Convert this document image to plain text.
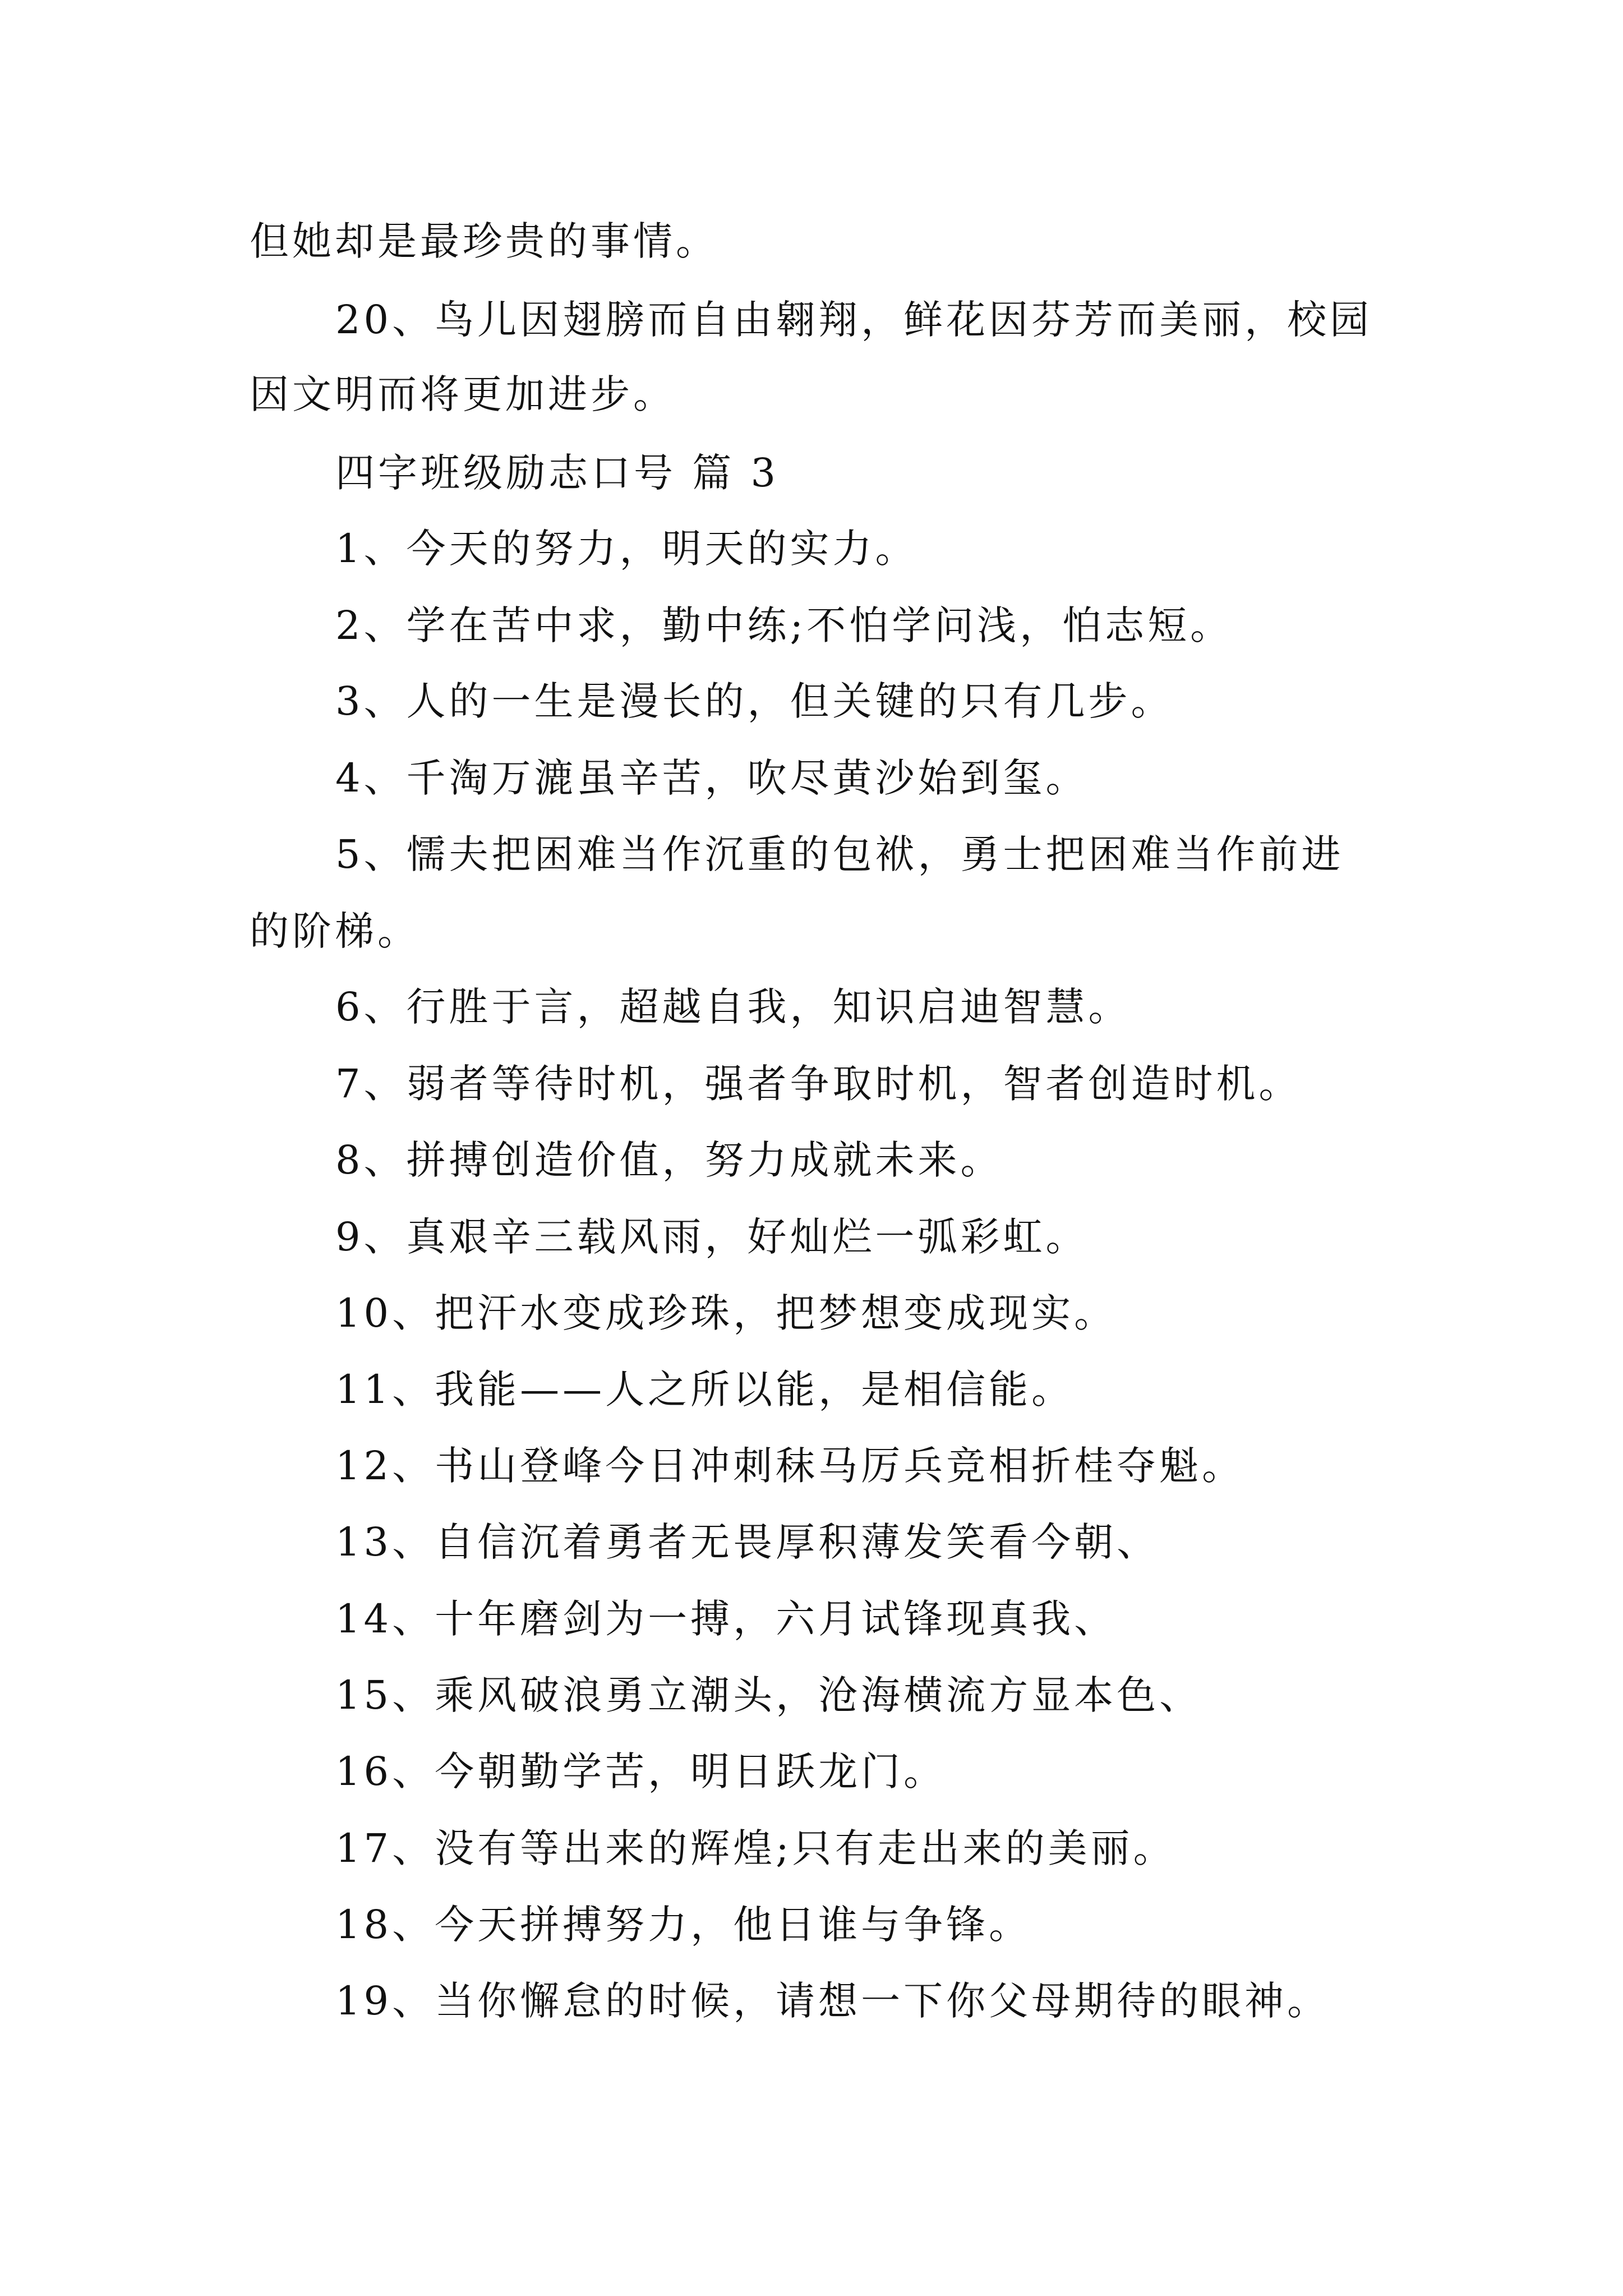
但她却是最珍贵的事情。
20、鸟儿因翅膀而自由翱翔，鲜花因芬芳而美丽，校园
因文明而将更加进步。
四字班级励志口号 篇 3
1、今天的努力，明天的实力。
2、学在苦中求，勤中练;不怕学问浅，怕志短。
3、人的一生是漫长的，但关键的只有几步。
4、千淘万漉虽辛苦，吹尽黄沙始到玺。
5、懦夫把困难当作沉重的包袱，勇士把困难当作前进
的阶梯。
6、行胜于言，超越自我，知识启迪智慧。
7、弱者等待时机，强者争取时机，智者创造时机。
8、拼搏创造价值，努力成就未来。
9、真艰辛三载风雨，好灿烂一弧彩虹。
10、把汗水变成珍珠，把梦想变成现实。
11、我能——人之所以能，是相信能。
12、书山登峰今日冲刺秣马厉兵竞相折桂夺魁。
13、自信沉着勇者无畏厚积薄发笑看今朝、
14、十年磨剑为一搏，六月试锋现真我、
15、乘风破浪勇立潮头，沧海横流方显本色、
16、今朝勤学苦，明日跃龙门。
17、没有等出来的辉煌;只有走出来的美丽。
18、今天拼搏努力，他日谁与争锋。
19、当你懈怠的时候，请想一下你父母期待的眼神。
